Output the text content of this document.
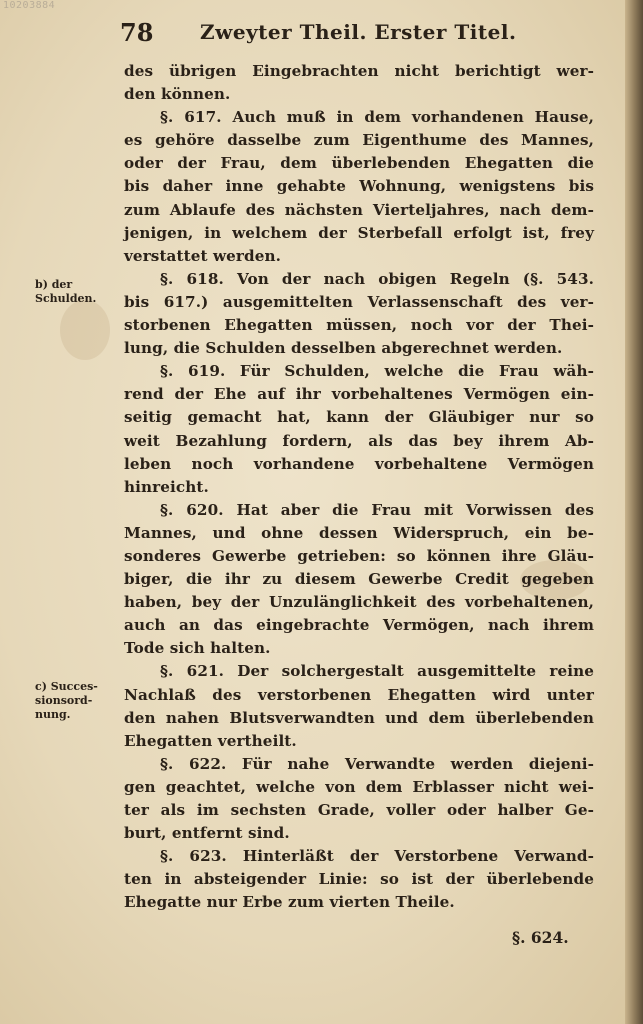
10203884
78 Zweyter Theil. Erster Titel.
b) der
Schulden.
c) Succes-
sionsord-
nung.
des übrigen Eingebrachten nicht berichtigt wer-
den können.
§. 617. Auch muß in dem vorhandenen Hause,
es gehöre dasselbe zum Eigenthume des Mannes,
oder der Frau, dem überlebenden Ehegatten die
bis daher inne gehabte Wohnung, wenigstens bis
zum Ablaufe des nächsten Vierteljahres, nach dem-
jenigen, in welchem der Sterbefall erfolgt ist, frey
verstattet werden.
§. 618. Von der nach obigen Regeln (§. 543.
bis 617.) ausgemittelten Verlassenschaft des ver-
storbenen Ehegatten müssen, noch vor der Thei-
lung, die Schulden desselben abgerechnet werden.
§. 619. Für Schulden, welche die Frau wäh-
rend der Ehe auf ihr vorbehaltenes Vermögen ein-
seitig gemacht hat, kann der Gläubiger nur so
weit Bezahlung fordern, als das bey ihrem Ab-
leben noch vorhandene vorbehaltene Vermögen
hinreicht.
§. 620. Hat aber die Frau mit Vorwissen des
Mannes, und ohne dessen Widerspruch, ein be-
sonderes Gewerbe getrieben: so können ihre Gläu-
biger, die ihr zu diesem Gewerbe Credit gegeben
haben, bey der Unzulänglichkeit des vorbehaltenen,
auch an das eingebrachte Vermögen, nach ihrem
Tode sich halten.
§. 621. Der solchergestalt ausgemittelte reine
Nachlaß des verstorbenen Ehegatten wird unter
den nahen Blutsverwandten und dem überlebenden
Ehegatten vertheilt.
§. 622. Für nahe Verwandte werden diejeni-
gen geachtet, welche von dem Erblasser nicht wei-
ter als im sechsten Grade, voller oder halber Ge-
burt, entfernt sind.
§. 623. Hinterläßt der Verstorbene Verwand-
ten in absteigender Linie: so ist der überlebende
Ehegatte nur Erbe zum vierten Theile.
§. 624.
